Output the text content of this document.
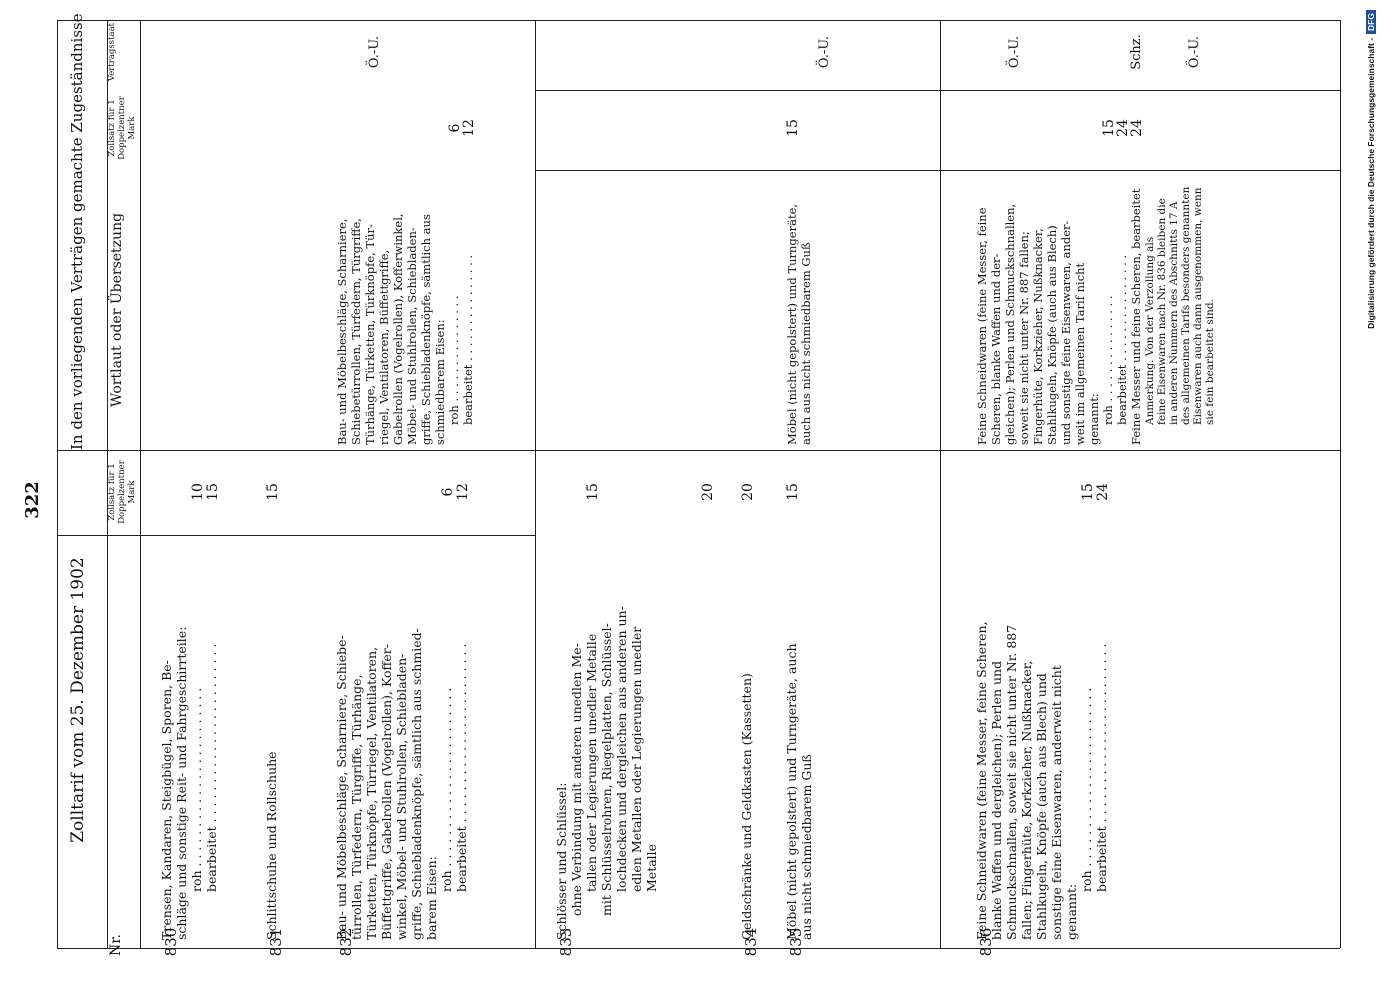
322
Zolltarif vom 25. Dezember 1902
In den vorliegenden Verträgen gemachte Zugeständnisse
Nr.
Zollsatz für 1 Doppelzentner Mark
Wortlaut oder Übersetzung
Zollsatz für 1 Doppelzentner Mark
Vertragsstaat
830
Trensen, Kandaren, Steigbügel, Sporen, Be- schläge und sonstige Reit- und Fahrgeschirrteile: roh . . . . . . . . . . . . . . . . . . . . . . .
10
bearbeitet . . . . . . . . . . . . . . . . . . . . . . .
15
831
Schlittschuhe und Rollschuhe
15
832
Bau- und Möbelbeschläge, Scharniere, Schiebe- türrollen, Türfedern, Türgriffe, Türhänge, Türketten, Türknöpfe, Türriegel, Ventilatoren, Büffettgriffe, Gabelrollen (Vogelrollen), Koffer- winkel, Möbel- und Stuhlrollen, Schiebladen- griffe, Schiebladenknöpfe, sämtlich aus schmied- barem Eisen:
roh . . . . . . . . . . . . . . . . . . . . . . .
6
bearbeitet . . . . . . . . . . . . . . . . . . . . . . .
12
Bau- und Möbelbeschläge, Scharniere, Schiebetürrollen, Türfedern, Türgriffe, Türhänge, Türketten, Türknöpfe, Tür- riegel, Ventilatoren, Büffettgriffe, Gabelrollen (Vogelrollen), Kofferwinkel, Möbel- und Stuhlrollen, Schiebladen- griffe, Schiebladenknöpfe, sämtlich aus schmiedbarem Eisen: roh . . . . . . . . . . . . . . .
6
bearbeitet . . . . . . . . . . . . . . .
12
Ö.-U.
833
Schlösser und Schlüssel: ohne Verbindung mit anderen unedlen Me- tallen oder Legierungen unedler Metalle mit Schlüsselrohren, Riegelplatten, Schlüssel- lochdecken und dergleichen aus anderen un- edlen Metallen oder Legierungen unedler Metalle
15	20
834
Geldschränke und Geldkasten (Kassetten)
20
835
Möbel (nicht gepolstert) und Turngeräte, auch aus nicht schmiedbarem Guß
15
Möbel (nicht gepolstert) und Turngeräte, auch aus nicht schmiedbarem Guß
15
Ö.-U.
836
Feine Schneidwaren (feine Messer, feine Scheren, blanke Waffen und dergleichen); Perlen und Schmuckschnallen, soweit sie nicht unter Nr. 887 fallen; Fingerhüte, Korkzieher, Nußknacker, Stahlkugeln, Knöpfe (auch aus Blech) und sonstige feine Eisenwaren, anderweit nicht genannt:
roh . . . . . . . . . . . . . . . . . . . . . . .
15
bearbeitet . . . . . . . . . . . . . . . . . . . . . . .
24
Feine Schneidwaren (feine Messer, feine Scheren, blanke Waffen und der- gleichen); Perlen und Schmuckschnallen, soweit sie nicht unter Nr. 887 fallen; Fingerhüte, Korkzieher, Nußknacker, Stahlkugeln, Knöpfe (auch aus Blech) und sonstige feine Eisenwaren, ander- weit im allgemeinen Tarif nicht genannt: roh . . . . . . . . . . . . . . .
15
bearbeitet . . . . . . . . . . . . . . .
24
Ö.-U.
Feine Messer und feine Scheren, bearbeitet
24
Schz.
Anmerkung. Von der Verzollung als feine Eisenwaren nach Nr. 836 bleiben die in anderen Nummern des Abschnitts 17 A des allgemeinen Tarifs besonders genannten Eisenwaren auch dann ausgenommen, wenn sie fein bearbeitet sind.
Ö.-U.	Digitalisierung gefördert durch die Deutsche Forschungsgemeinschaft -DFG
